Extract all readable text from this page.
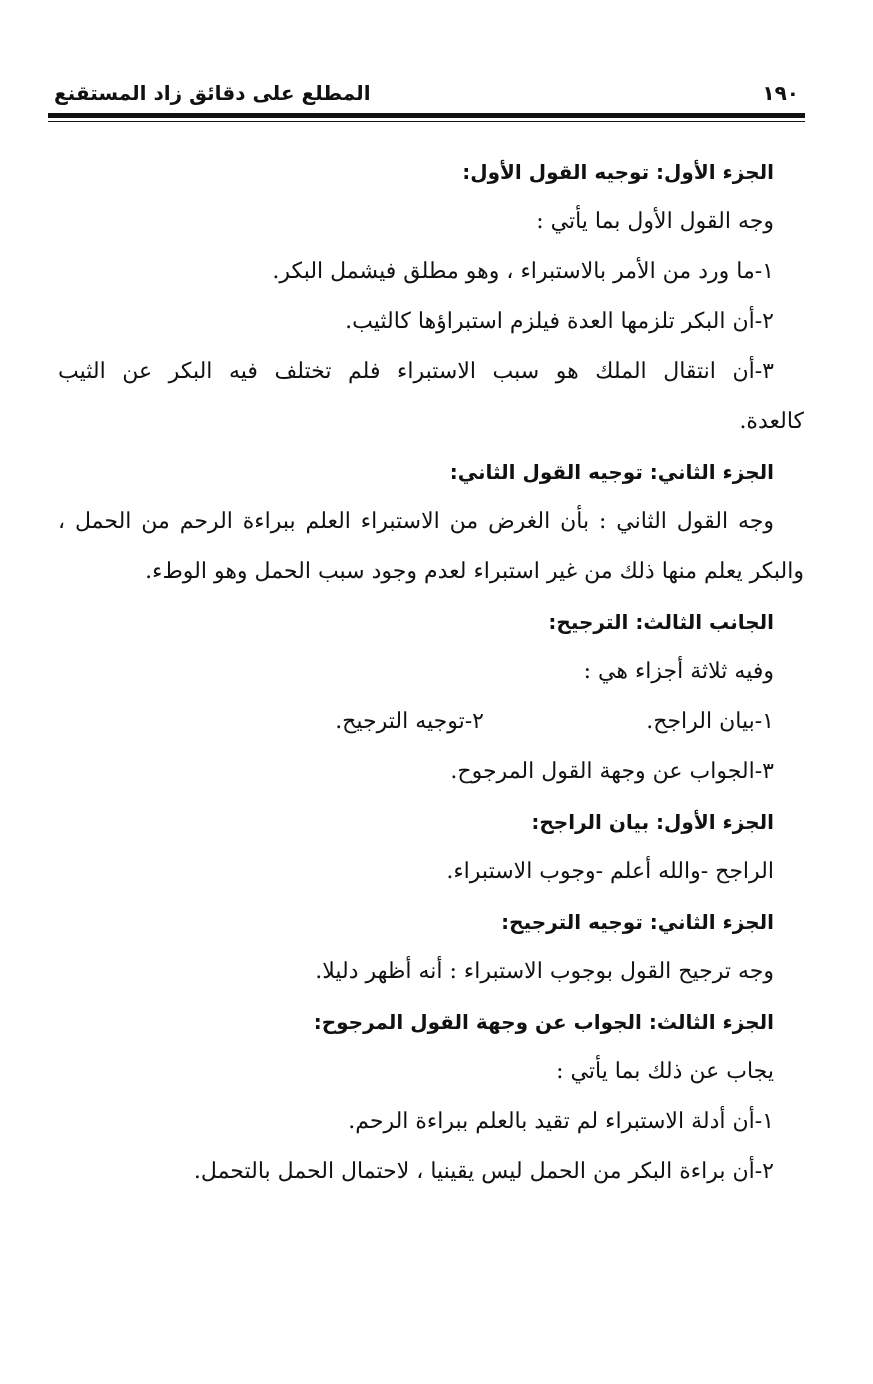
١٩٠
المطلع على دقائق زاد المستقنع
الجزء الأول: توجيه القول الأول:
وجه القول الأول بما يأتي :
١-ما ورد من الأمر بالاستبراء ، وهو مطلق فيشمل البكر.
٢-أن البكر تلزمها العدة فيلزم استبراؤها كالثيب.
٣-أن انتقال الملك هو سبب الاستبراء فلم تختلف فيه البكر عن الثيب
كالعدة.
الجزء الثاني: توجيه القول الثاني:
وجه القول الثاني : بأن الغرض من الاستبراء العلم ببراءة الرحم من الحمل ،
والبكر يعلم منها ذلك من غير استبراء لعدم وجود سبب الحمل وهو الوطء.
الجانب الثالث: الترجيح:
وفيه ثلاثة أجزاء هي :
١-بيان الراجح.
٢-توجيه الترجيح.
٣-الجواب عن وجهة القول المرجوح.
الجزء الأول: بيان الراجح:
الراجح -والله أعلم -وجوب الاستبراء.
الجزء الثاني: توجيه الترجيح:
وجه ترجيح القول بوجوب الاستبراء : أنه أظهر دليلا.
الجزء الثالث: الجواب عن وجهة القول المرجوح:
يجاب عن ذلك بما يأتي :
١-أن أدلة الاستبراء لم تقيد بالعلم ببراءة الرحم.
٢-أن براءة البكر من الحمل ليس يقينيا ، لاحتمال الحمل بالتحمل.
